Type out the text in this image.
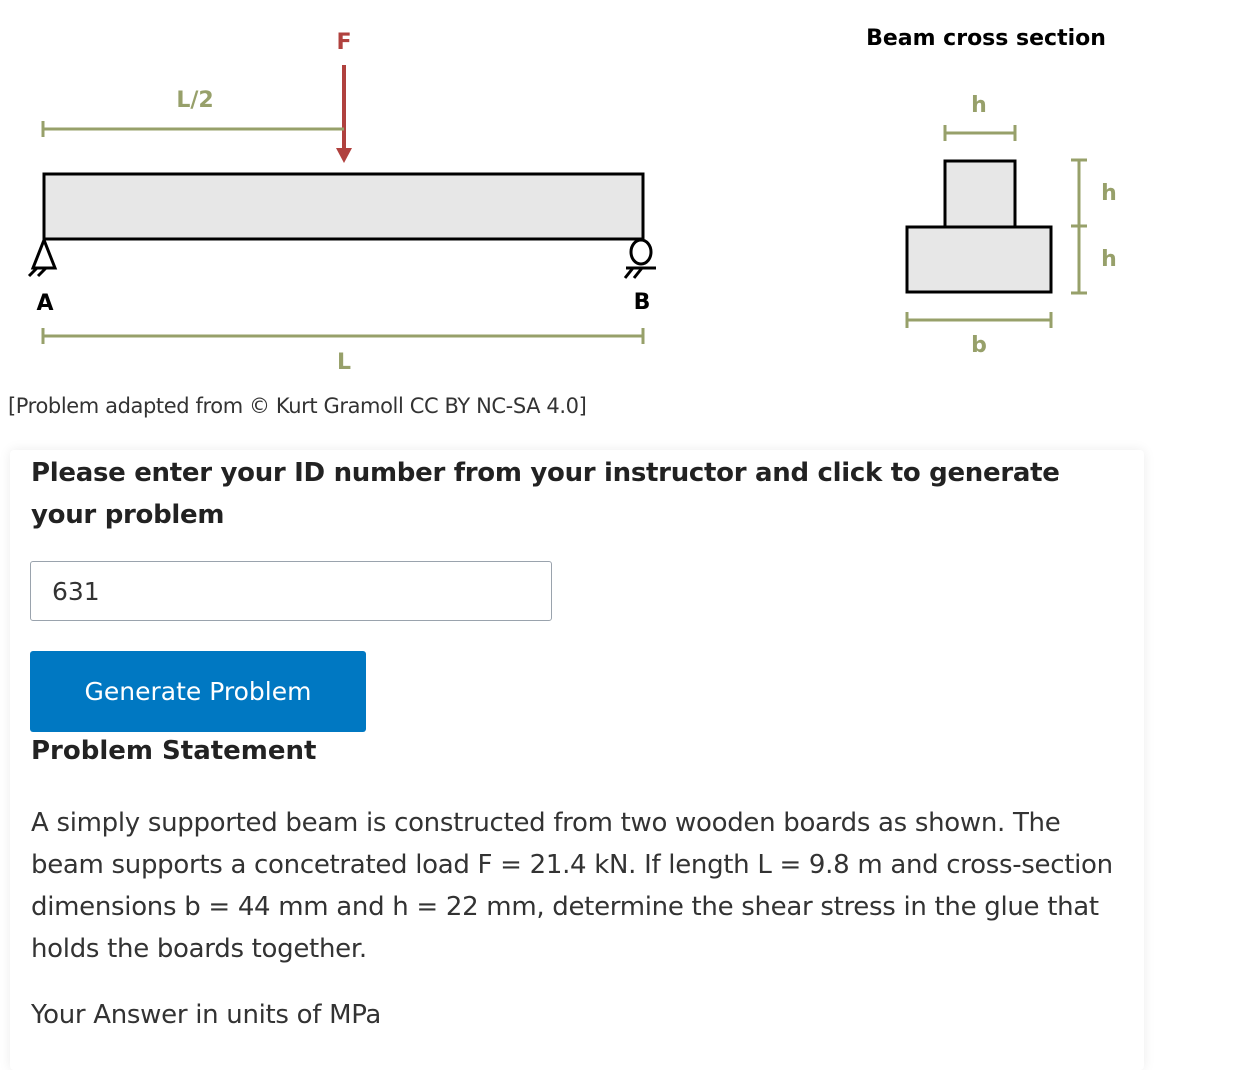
F
L/2
A	B
L
Beam cross section
h
h
h
b
[Problem adapted from © Kurt Gramoll CC BY NC-SA 4.0]
Please enter your ID number from your instructor and click to generate your problem
631
Generate Problem
Problem Statement
A simply supported beam is constructed from two wooden boards as shown. The beam supports a concetrated load F = 21.4 kN. If length L = 9.8 m and cross-section dimensions b = 44 mm and h = 22 mm, determine the shear stress in the glue that holds the boards together.
Your Answer in units of MPa
